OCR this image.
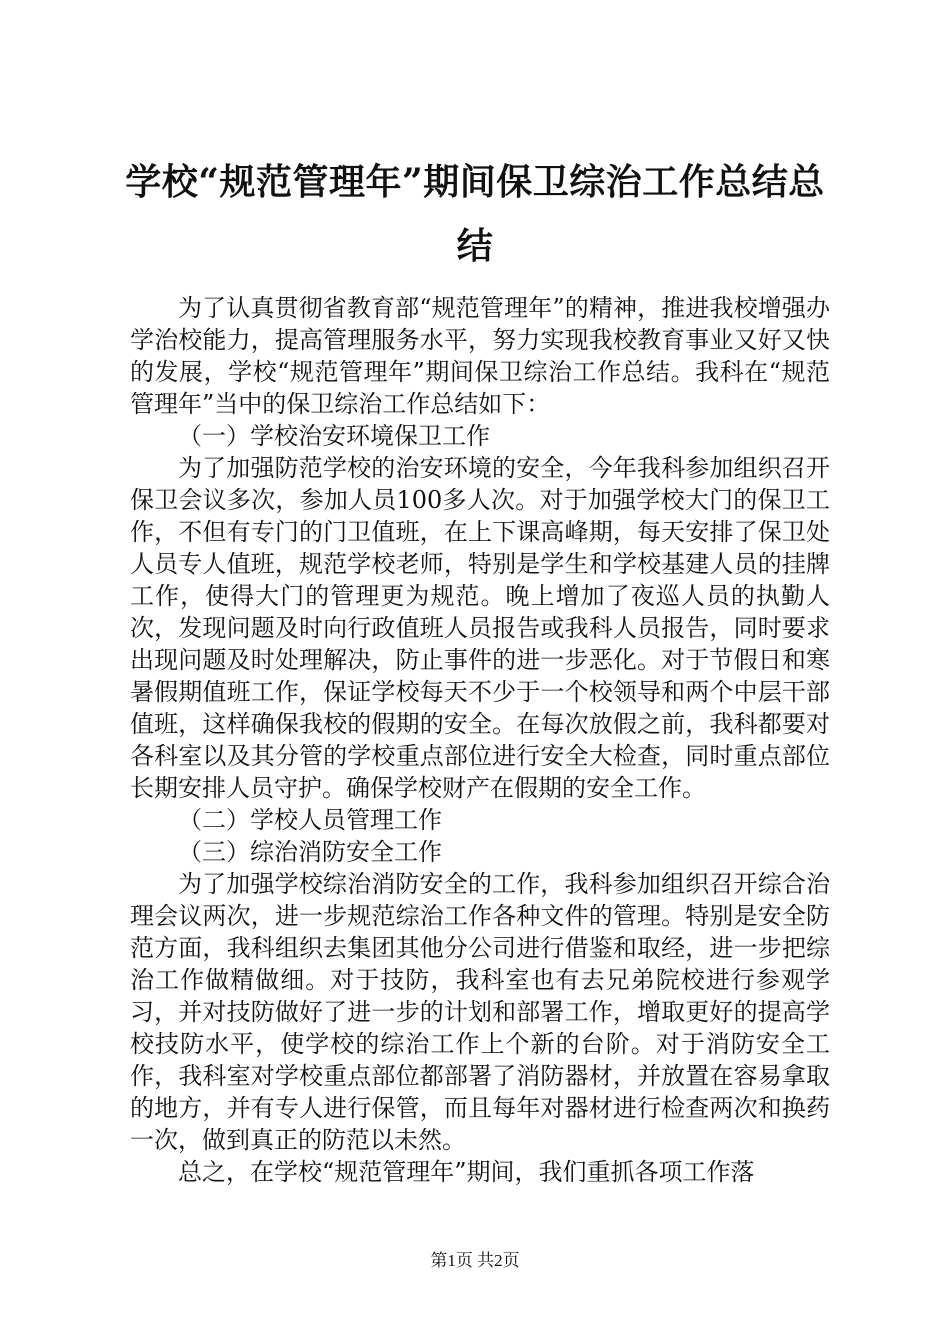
学校“规范管理年”期间保卫综治工作总结总结

为了认真贯彻省教育部“规范管理年”的精神，推进我校增强办学治校能力，提高管理服务水平，努力实现我校教育事业又好又快的发展，学校“规范管理年”期间保卫综治工作总结。我科在“规范管理年”当中的保卫综治工作总结如下：

（一）学校治安环境保卫工作

为了加强防范学校的治安环境的安全，今年我科参加组织召开保卫会议多次，参加人员100多人次。对于加强学校大门的保卫工作，不但有专门的门卫值班，在上下课高峰期，每天安排了保卫处人员专人值班，规范学校老师，特别是学生和学校基建人员的挂牌工作，使得大门的管理更为规范。晚上增加了夜巡人员的执勤人次，发现问题及时向行政值班人员报告或我科人员报告，同时要求出现问题及时处理解决，防止事件的进一步恶化。对于节假日和寒暑假期值班工作，保证学校每天不少于一个校领导和两个中层干部值班，这样确保我校的假期的安全。在每次放假之前，我科都要对各科室以及其分管的学校重点部位进行安全大检查，同时重点部位长期安排人员守护。确保学校财产在假期的安全工作。

（二）学校人员管理工作

（三）综治消防安全工作

为了加强学校综治消防安全的工作，我科参加组织召开综合治理会议两次，进一步规范综治工作各种文件的管理。特别是安全防范方面，我科组织去集团其他分公司进行借鉴和取经，进一步把综治工作做精做细。对于技防，我科室也有去兄弟院校进行参观学习，并对技防做好了进一步的计划和部署工作，增取更好的提高学校技防水平，使学校的综治工作上个新的台阶。对于消防安全工作，我科室对学校重点部位都部署了消防器材，并放置在容易拿取的地方，并有专人进行保管，而且每年对器材进行检查两次和换药一次，做到真正的防范以未然。

总之，在学校“规范管理年”期间，我们重抓各项工作落

第1页 共2页
